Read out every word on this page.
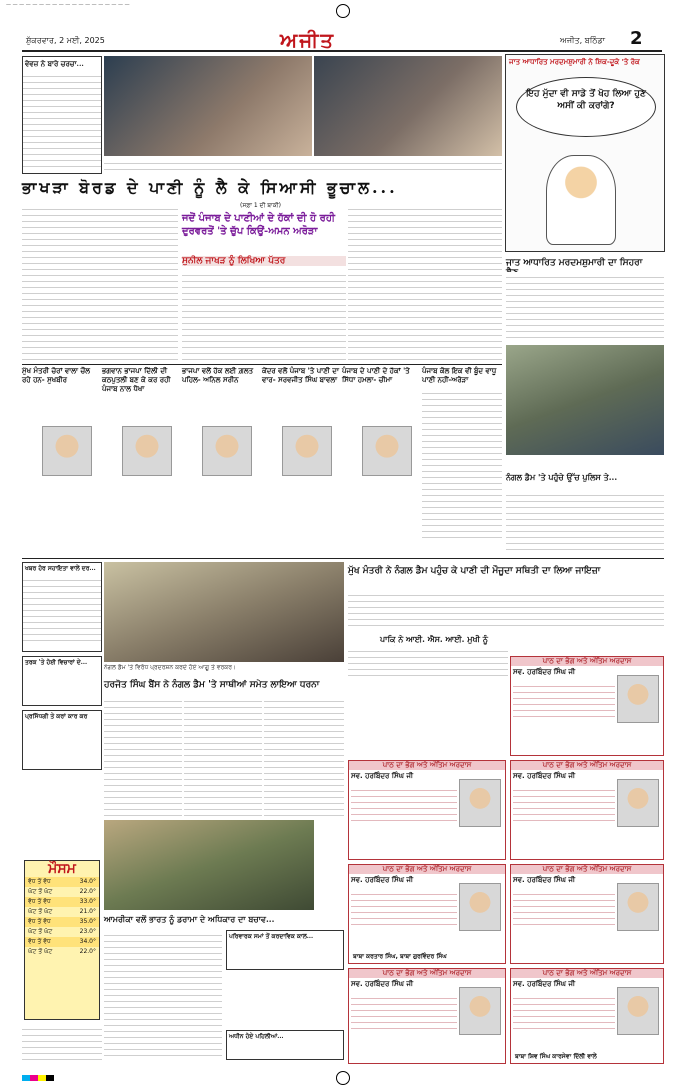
— — — — — — — — — — — — — — — — — — —
ਸ਼ੁੱਕਰਵਾਰ, 2 ਮਈ, 2025	ਅਜੀਤ	ਅਜੀਤ, ਬਠਿੰਡਾ 2
ਵੇਵਜ਼ ਨੇ ਬਾਰੇ ਚਰਚਾ...
ਭਾਖੜਾ ਬੋਰਡ ਦੇ ਪਾਣੀ ਨੂੰ ਲੈ ਕੇ ਸਿਆਸੀ ਭੂਚਾਲ...
ਜਾਤ ਆਧਾਰਿਤ ਮਰਦਮਸ਼ੁਮਾਰੀ ਨੇ ਸ਼ਿਕ-ਦੂਕੇ 'ਤੇ ਰੋਕ
ਇਹ ਮੁੱਦਾ ਵੀ ਸਾਡੇ ਤੋਂ ਖੋਹ ਲਿਆ ਹੁਣ ਅਸੀਂ ਕੀ ਕਰਾਂਗੇ?
(ਸਫ਼ਾ 1 ਦੀ ਬਾਕੀ)
ਜਦੋਂ ਪੰਜਾਬ ਦੇ ਪਾਣੀਆਂ ਦੇ ਹੱਕਾਂ ਦੀ ਹੋ ਰਹੀ ਦੁਰਵਰਤੋਂ 'ਤੇ ਚੁੱਪ ਕਿਉਂ-ਅਮਨ ਅਰੋੜਾ
ਸੁਨੀਲ ਜਾਖੜ ਨੂੰ ਲਿਖਿਆ ਪੱਤਰ	ਜਾਤ ਆਧਾਰਿਤ ਮਰਦਮਸ਼ੁਮਾਰੀ ਦਾ ਸਿਹਰਾ
ਨੰਗਲ ਡੈਮ 'ਤੇ ਪਹੁੰਚੇ ਉੱਚ ਪੁਲਿਸ ਤੇ...
ਮੁੱਖ ਮੰਤਰੀ ਚੋਰਾਂ ਵਾਲਾ ਚੌਲ ਰਹੇ ਹਨ- ਸੁਖਬੀਰ
ਭਗਵਾਨ ਭਾਜਪਾ ਦਿੱਲੀ ਦੀ ਕਠਪੁਤਲੀ ਬਣ ਕੇ ਕਰ ਰਹੀ ਪੰਜਾਬ ਨਾਲ ਧੋਖਾ
ਭਾਜਪਾ ਵਲੋਂ ਹੱਕ ਲਈ ਗ਼ਲਤ ਪਹਿਲ- ਅਨਿਲ ਸਰੀਨ
ਕੇਂਦਰ ਵਲੋਂ ਪੰਜਾਬ 'ਤੇ ਪਾਣੀ ਦਾ ਵਾਰ- ਸਰਵਜੀਤ ਸਿੰਘ ਬਾਵਲਾ
ਪੰਜਾਬ ਦੇ ਪਾਣੀ ਦੇ ਹੱਕਾਂ 'ਤੇ ਸਿੱਧਾ ਹਮਲਾ- ਚੀਮਾ
ਪੰਜਾਬ ਕੋਲ ਇਕ ਵੀ ਬੂੰਦ ਵਾਧੂ ਪਾਣੀ ਨਹੀਂ-ਅਰੋੜਾ
ਖਬਰ ਹੋਰ ਸਹਾਇਤਾ ਵਾਲੇ ਦਰ...
ਨੰਗਲ ਡੈਮ 'ਤੇ ਵਿਰੋਧ ਪ੍ਰਦਰਸ਼ਨ ਕਰਦੇ ਹੋਏ ਆਗੂ ਤੇ ਵਰਕਰ।
ਮੁੱਖ ਮੰਤਰੀ ਨੇ ਨੰਗਲ ਡੈਮ ਪਹੁੰਚ ਕੇ ਪਾਣੀ ਦੀ ਮੌਜੂਦਾ ਸਥਿਤੀ ਦਾ ਲਿਆ ਜਾਇਜ਼ਾ
ਪਾਕਿ ਨੇ ਆਈ. ਐਸ. ਆਈ. ਮੁਖੀ ਨੂੰ
ਹਰਜੋਤ ਸਿੰਘ ਬੈਂਸ ਨੇ ਨੰਗਲ ਡੈਮ 'ਤੇ ਸਾਥੀਆਂ ਸਮੇਤ ਲਾਇਆ ਧਰਨਾ
ਤਰਕ 'ਤੇ ਹੋਈ ਵਿਚਾਰਾਂ ਦੇ...
ਪ੍ਰਸਿੱਧਗੀ ਤੇ ਕਰਾਂ ਕਾਰ ਕਰ
ਮੌਸਮ
ਵੱਧ ਤੋਂ ਵੱਧ	34.0°
ਘੱਟ ਤੋਂ ਘੱਟ	22.0°
ਵੱਧ ਤੋਂ ਵੱਧ	33.0°
ਘੱਟ ਤੋਂ ਘੱਟ	21.0°
ਵੱਧ ਤੋਂ ਵੱਧ	35.0°
ਘੱਟ ਤੋਂ ਘੱਟ	23.0°
ਵੱਧ ਤੋਂ ਵੱਧ	34.0°
ਘੱਟ ਤੋਂ ਘੱਟ	22.0°
ਆਮਰੀਕਾ ਵਲੋਂ ਭਾਰਤ ਨੂੰ ਡਰਾਮਾ ਦੇ ਅਧਿਕਾਰ ਦਾ ਬਚਾਵ...
ਪਰਿਵਾਰਕ ਸਮਾਂ ਤੋਂ ਕਰਦਾਵਿਕ ਕਾਲ...
ਅਧੀਨ ਹੋਏ ਪਹਿਲੀਆਂ...
ਪਾਠ ਦਾ ਭੋਗ ਅਤੇ ਅੰਤਿਮ ਅਰਦਾਸ
ਸਵ. ਹਰਬਿੰਦਰ ਸਿੰਘ ਜੀ
ਪਾਠ ਦਾ ਭੋਗ ਅਤੇ ਅੰਤਿਮ ਅਰਦਾਸ
ਸਵ. ਹਰਬਿੰਦਰ ਸਿੰਘ ਜੀ
ਪਾਠ ਦਾ ਭੋਗ ਅਤੇ ਅੰਤਿਮ ਅਰਦਾਸ
ਸਵ. ਹਰਬਿੰਦਰ ਸਿੰਘ ਜੀ
ਪਾਠ ਦਾ ਭੋਗ ਅਤੇ ਅੰਤਿਮ ਅਰਦਾਸ
ਸਵ. ਹਰਬਿੰਦਰ ਸਿੰਘ ਜੀ
ਬਾਬਾ ਕਰਤਾਰ ਸਿੰਘ, ਬਾਬਾ ਗੁਰਵਿੰਦਰ ਸਿੰਘ
ਪਾਠ ਦਾ ਭੋਗ ਅਤੇ ਅੰਤਿਮ ਅਰਦਾਸ
ਸਵ. ਹਰਬਿੰਦਰ ਸਿੰਘ ਜੀ
ਪਾਠ ਦਾ ਭੋਗ ਅਤੇ ਅੰਤਿਮ ਅਰਦਾਸ
ਸਵ. ਹਰਬਿੰਦਰ ਸਿੰਘ ਜੀ
ਪਾਠ ਦਾ ਭੋਗ ਅਤੇ ਅੰਤਿਮ ਅਰਦਾਸ
ਸਵ. ਹਰਬਿੰਦਰ ਸਿੰਘ ਜੀ
ਬਾਬਾ ਸ਼ਿਵ ਸਿੰਘ ਕਾਰਸੇਵਾ ਦਿੱਲੀ ਵਾਲੇ
